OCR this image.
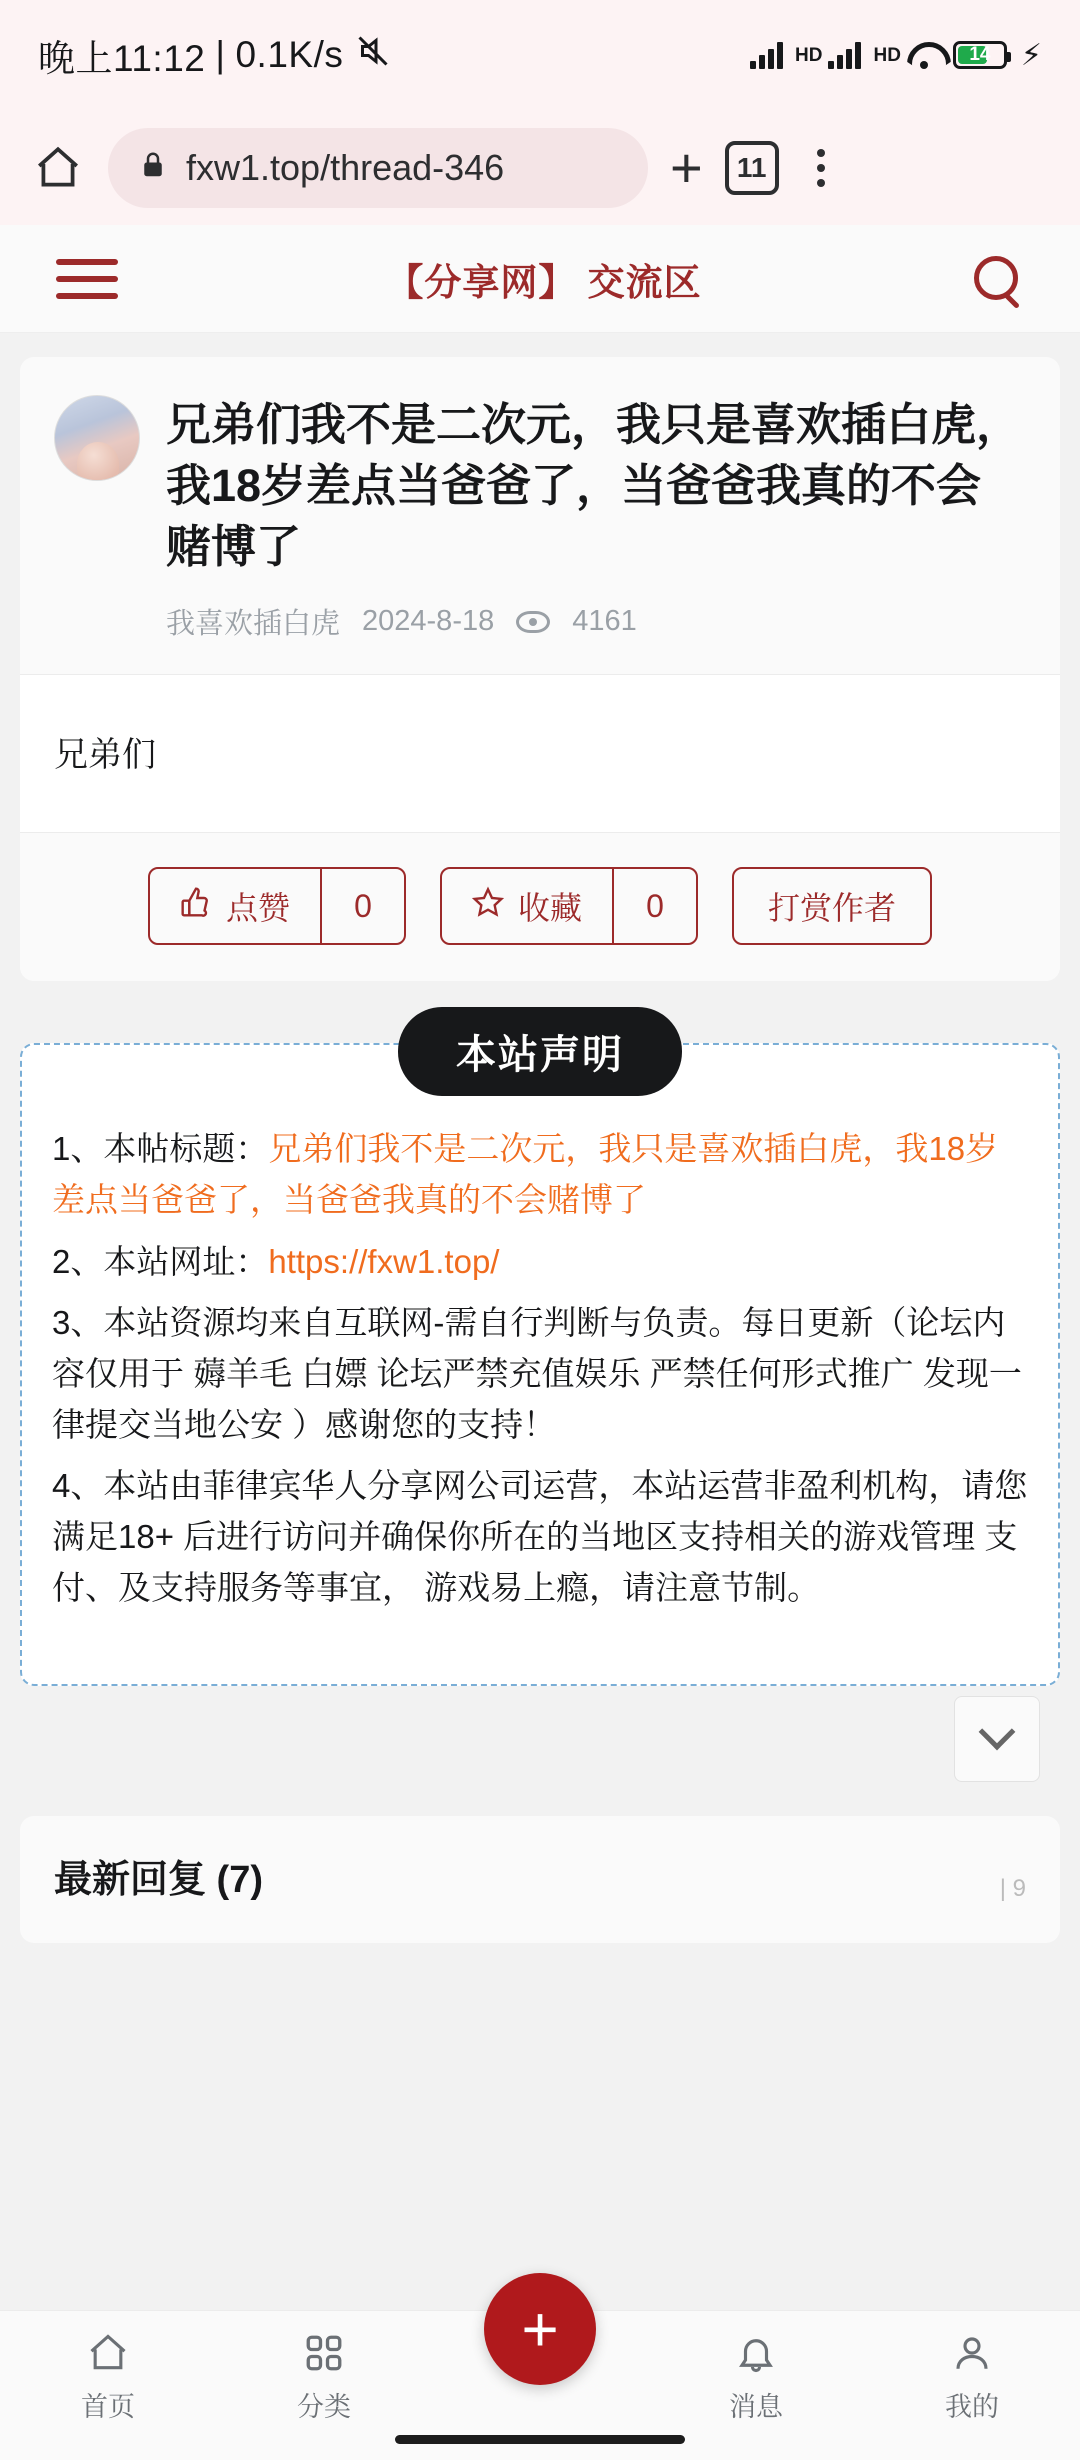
晚上11:12 | 0.1K/s	HD	HD	14 ⚡
fxw1.top/thread-346	+	11
【分享网】 交流区
兄弟们我不是二次元，我只是喜欢插白虎，我18岁差点当爸爸了，当爸爸我真的不会赌博了
我喜欢插白虎 2024-8-18	4161
兄弟们
点赞	0	收藏	0	打赏作者
本站声明
1、本帖标题：兄弟们我不是二次元，我只是喜欢插白虎，我18岁差点当爸爸了，当爸爸我真的不会赌博了
2、本站网址：https://fxw1.top/
3、本站资源均来自互联网-需自行判断与负责。每日更新（论坛内容仅用于 薅羊毛 白嫖 论坛严禁充值娱乐 严禁任何形式推广 发现一律提交当地公安 ）感谢您的支持！
4、本站由菲律宾华人分享网公司运营，本站运营非盈利机构，请您满足18+ 后进行访问并确保你所在的当地区支持相关的游戏管理 支付、及支持服务等事宜， 游戏易上瘾，请注意节制。
最新回复 (7)	| 9
首页	分类
+
消息	我的
